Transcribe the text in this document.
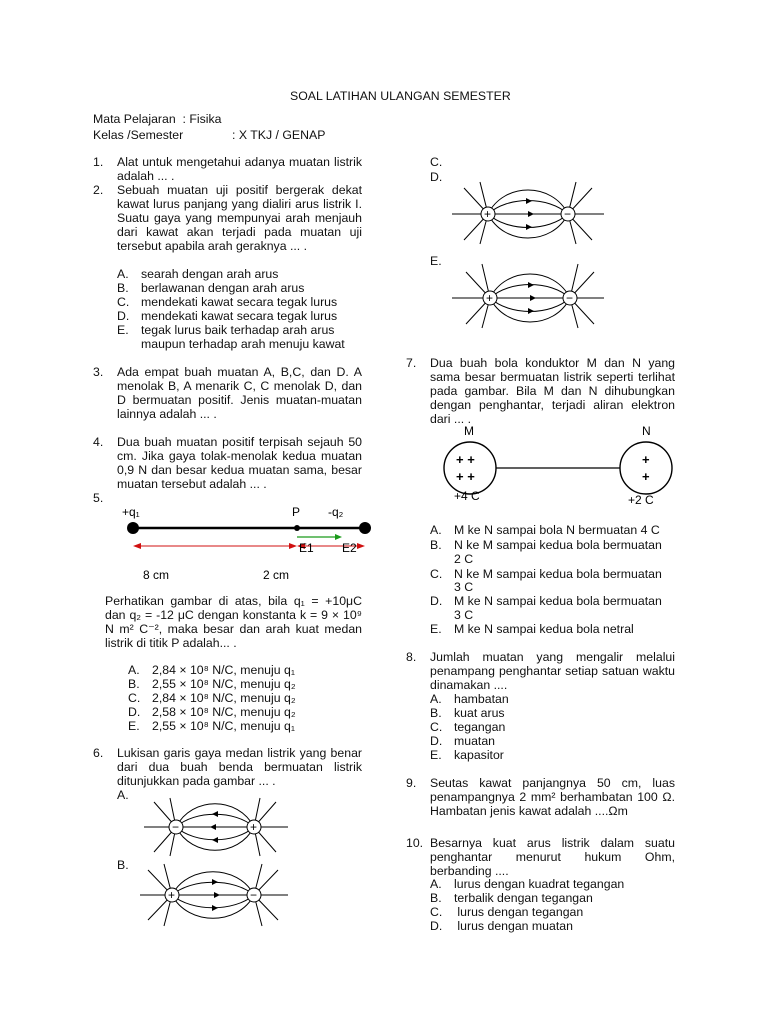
SOAL LATIHAN ULANGAN SEMESTER
Mata Pelajaran  : Fisika
Kelas /Semester	: X TKJ / GENAP
1.	Alat untuk mengetahui adanya muatan listrik adalah ... .
2.	Sebuah muatan uji positif bergerak dekat kawat lurus panjang yang dialiri arus listrik I. Suatu gaya yang mempunyai arah menjauh dari kawat akan terjadi pada muatan uji tersebut apabila arah geraknya ... .
A. searah dengan arah arus
B. berlawanan dengan arah arus
C. mendekati kawat secara tegak lurus
D. mendekati kawat secara tegak lurus
E. tegak lurus baik terhadap arah arus
maupun terhadap arah menuju kawat
3.	Ada empat buah muatan A, B,C, dan D. A menolak B, A menarik C, C menolak D, dan D bermuatan positif. Jenis muatan-muatan lainnya adalah ... .
4.	Dua buah muatan positif terpisah sejauh 50 cm. Jika gaya tolak-menolak kedua muatan 0,9 N dan besar kedua muatan sama, besar muatan tersebut adalah ... .
5.
+q₁	P -q₂
E1 E2
8 cm	2 cm
Perhatikan gambar di atas, bila q₁ = +10μC dan q₂ = -12 μC dengan konstanta k = 9 × 10⁹ N m² C⁻², maka besar dan arah kuat medan listrik di titik P adalah... .
A. 2,84 × 10⁸ N/C, menuju q₁
B. 2,55 × 10⁸ N/C, menuju q₂
C. 2,84 × 10⁸ N/C, menuju q₂
D. 2,58 × 10⁸ N/C, menuju q₂
E. 2,55 × 10⁸ N/C, menuju q₁
6.	Lukisan garis gaya medan listrik yang benar dari dua buah benda bermuatan listrik ditunjukkan pada gambar ... .
A.
B.
−	+
+	−
C.
D.
+	−
E.
+	−
7.	Dua buah bola konduktor M dan N yang sama besar bermuatan listrik seperti terlihat pada gambar. Bila M dan N dihubungkan dengan penghantar, terjadi aliran elektron dari ... .
M	N
+ +
+ +
+
+
+4 C	+2 C
A. M ke N sampai bola N bermuatan 4 C
B. N ke M sampai kedua bola bermuatan
2 C
C. N ke M sampai kedua bola bermuatan
3 C
D. M ke N sampai kedua bola bermuatan
3 C
E. M ke N sampai kedua bola netral
8.	Jumlah muatan yang mengalir melalui penampang penghantar setiap satuan waktu dinamakan ....
A. hambatan
B. kuat arus
C. tegangan
D. muatan
E. kapasitor
9.	Seutas kawat panjangnya 50 cm, luas penampangnya 2 mm² berhambatan 100 Ω. Hambatan jenis kawat adalah ....Ωm
10. Besarnya kuat arus listrik dalam suatu penghantar menurut hukum Ohm, berbanding ....
A. lurus dengan kuadrat tegangan
B. terbalik dengan tegangan
C. lurus dengan tegangan
D. lurus dengan muatan
